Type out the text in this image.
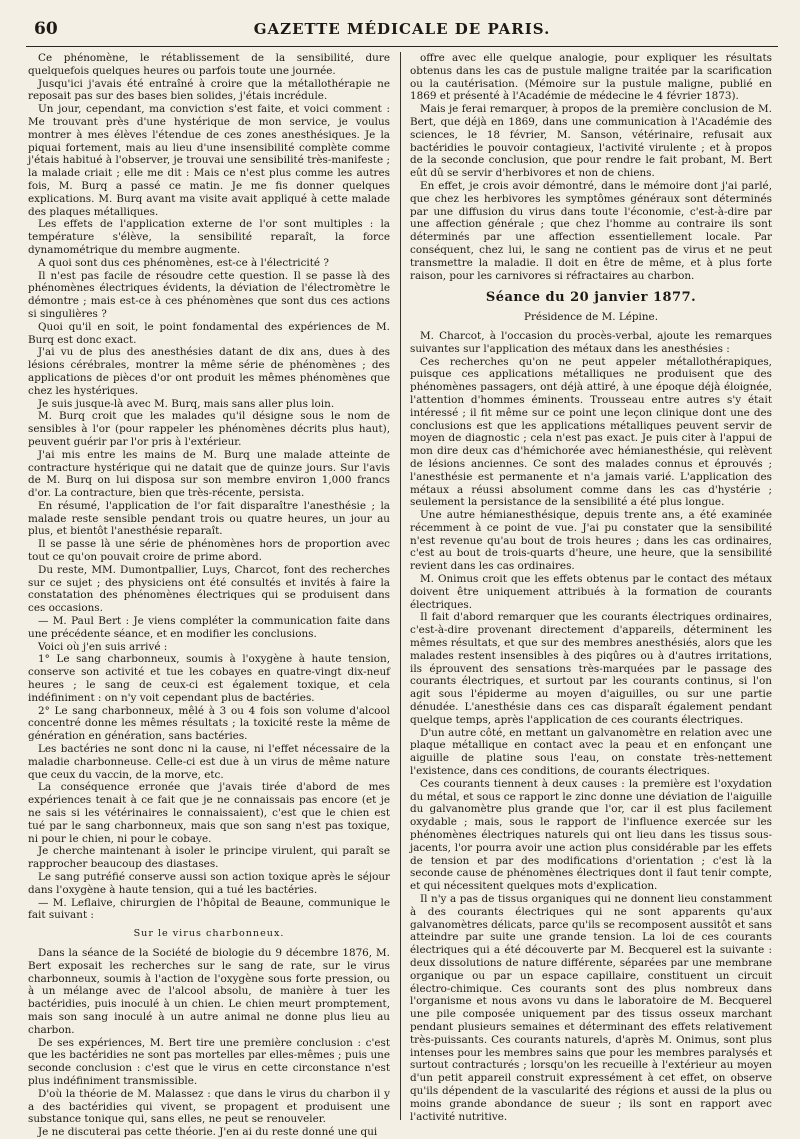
60	GAZETTE MÉDICALE DE PARIS.

Ce phénomène, le rétablissement de la sensibilité, dure quelquefois quelques heures ou parfois toute une journée.

Jusqu'ici j'avais été entraîné à croire que la métallothérapie ne reposait pas sur des bases bien solides, j'étais incrédule.

Un jour, cependant, ma conviction s'est faite, et voici comment : Me trouvant près d'une hystérique de mon service, je voulus montrer à mes élèves l'étendue de ces zones anesthésiques. Je la piquai fortement, mais au lieu d'une insensibilité complète comme j'étais habitué à l'observer, je trouvai une sensibilité très-manifeste ; la malade criait ; elle me dit : Mais ce n'est plus comme les autres fois, M. Burq a passé ce matin. Je me fis donner quelques explications. M. Burq avant ma visite avait appliqué à cette malade des plaques métalliques.

Les effets de l'application externe de l'or sont multiples : la température s'élève, la sensibilité reparaît, la force dynamométrique du membre augmente.

A quoi sont dus ces phénomènes, est-ce à l'électricité ?

Il n'est pas facile de résoudre cette question. Il se passe là des phénomènes électriques évidents, la déviation de l'électromètre le démontre ; mais est-ce à ces phénomènes que sont dus ces actions si singulières ?

Quoi qu'il en soit, le point fondamental des expériences de M. Burq est donc exact.

J'ai vu de plus des anesthésies datant de dix ans, dues à des lésions cérébrales, montrer la même série de phénomènes ; des applications de pièces d'or ont produit les mêmes phénomènes que chez les hystériques.

Je suis jusque-là avec M. Burq, mais sans aller plus loin.

M. Burq croit que les malades qu'il désigne sous le nom de sensibles à l'or (pour rappeler les phénomènes décrits plus haut), peuvent guérir par l'or pris à l'extérieur.

J'ai mis entre les mains de M. Burq une malade atteinte de contracture hystérique qui ne datait que de quinze jours. Sur l'avis de M. Burq on lui disposa sur son membre environ 1,000 francs d'or. La contracture, bien que très-récente, persista.

En résumé, l'application de l'or fait disparaître l'anesthésie ; la malade reste sensible pendant trois ou quatre heures, un jour au plus, et bientôt l'anesthésie reparaît.

Il se passe là une série de phénomènes hors de proportion avec tout ce qu'on pouvait croire de prime abord.

Du reste, MM. Dumontpallier, Luys, Charcot, font des recherches sur ce sujet ; des physiciens ont été consultés et invités à faire la constatation des phénomènes électriques qui se produisent dans ces occasions.

— M. Paul Bert : Je viens compléter la communication faite dans une précédente séance, et en modifier les conclusions.

Voici où j'en suis arrivé :

1° Le sang charbonneux, soumis à l'oxygène à haute tension, conserve son activité et tue les cobayes en quatre-vingt dix-neuf heures ; le sang de ceux-ci est également toxique, et cela indéfiniment : on n'y voit cependant plus de bactéries.

2° Le sang charbonneux, mêlé à 3 ou 4 fois son volume d'alcool concentré donne les mêmes résultats ; la toxicité reste la même de génération en génération, sans bactéries.

Les bactéries ne sont donc ni la cause, ni l'effet nécessaire de la maladie charbonneuse. Celle-ci est due à un virus de même nature que ceux du vaccin, de la morve, etc.

La conséquence erronée que j'avais tirée d'abord de mes expériences tenait à ce fait que je ne connaissais pas encore (et je ne sais si les vétérinaires le connaissaient), c'est que le chien est tué par le sang charbonneux, mais que son sang n'est pas toxique, ni pour le chien, ni pour le cobaye.

Je cherche maintenant à isoler le principe virulent, qui paraît se rapprocher beaucoup des diastases.

Le sang putréfié conserve aussi son action toxique après le séjour dans l'oxygène à haute tension, qui a tué les bactéries.

— M. Leflaive, chirurgien de l'hôpital de Beaune, communique le fait suivant :

Sur le virus charbonneux.

Dans la séance de la Société de biologie du 9 décembre 1876, M. Bert exposait les recherches sur le sang de rate, sur le virus charbonneux, soumis à l'action de l'oxygène sous forte pression, ou à un mélange avec de l'alcool absolu, de manière à tuer les bactéridies, puis inoculé à un chien. Le chien meurt promptement, mais son sang inoculé à un autre animal ne donne plus lieu au charbon.

De ses expériences, M. Bert tire une première conclusion : c'est que les bactéridies ne sont pas mortelles par elles-mêmes ; puis une seconde conclusion : c'est que le virus en cette circonstance n'est plus indéfiniment transmissible.

D'où la théorie de M. Malassez : que dans le virus du charbon il y a des bactéridies qui vivent, se propagent et produisent une substance tonique qui, sans elles, ne peut se renouveler.

Je ne discuterai pas cette théorie. J'en ai du reste donné une qui

offre avec elle quelque analogie, pour expliquer les résultats obtenus dans les cas de pustule maligne traitée par la scarification ou la cautérisation. (Mémoire sur la pustule maligne, publié en 1869 et présenté à l'Académie de médecine le 4 février 1873).

Mais je ferai remarquer, à propos de la première conclusion de M. Bert, que déjà en 1869, dans une communication à l'Académie des sciences, le 18 février, M. Sanson, vétérinaire, refusait aux bactéridies le pouvoir contagieux, l'activité virulente ; et à propos de la seconde conclusion, que pour rendre le fait probant, M. Bert eût dû se servir d'herbivores et non de chiens.

En effet, je crois avoir démontré, dans le mémoire dont j'ai parlé, que chez les herbivores les symptômes généraux sont déterminés par une diffusion du virus dans toute l'économie, c'est-à-dire par une affection générale ; que chez l'homme au contraire ils sont déterminés par une affection essentiellement locale. Par conséquent, chez lui, le sang ne contient pas de virus et ne peut transmettre la maladie. Il doit en être de même, et à plus forte raison, pour les carnivores si réfractaires au charbon.

Séance du 20 janvier 1877.

Présidence de M. Lépine.

M. Charcot, à l'occasion du procès-verbal, ajoute les remarques suivantes sur l'application des métaux dans les anesthésies :

Ces recherches qu'on ne peut appeler métallothérapiques, puisque ces applications métalliques ne produisent que des phénomènes passagers, ont déjà attiré, à une époque déjà éloignée, l'attention d'hommes éminents. Trousseau entre autres s'y était intéressé ; il fit même sur ce point une leçon clinique dont une des conclusions est que les applications métalliques peuvent servir de moyen de diagnostic ; cela n'est pas exact. Je puis citer à l'appui de mon dire deux cas d'hémichorée avec hémianesthésie, qui relèvent de lésions anciennes. Ce sont des malades connus et éprouvés ; l'anesthésie est permanente et n'a jamais varié. L'application des métaux a réussi absolument comme dans les cas d'hystérie ; seulement la persistance de la sensibilité a été plus longue.

Une autre hémianesthésique, depuis trente ans, a été examinée récemment à ce point de vue. J'ai pu constater que la sensibilité n'est revenue qu'au bout de trois heures ; dans les cas ordinaires, c'est au bout de trois-quarts d'heure, une heure, que la sensibilité revient dans les cas ordinaires.

M. Onimus croit que les effets obtenus par le contact des métaux doivent être uniquement attribués à la formation de courants électriques.

Il fait d'abord remarquer que les courants électriques ordinaires, c'est-à-dire provenant directement d'appareils, déterminent les mêmes résultats, et que sur des membres anesthésiés, alors que les malades restent insensibles à des piqûres ou à d'autres irritations, ils éprouvent des sensations très-marquées par le passage des courants électriques, et surtout par les courants continus, si l'on agit sous l'épiderme au moyen d'aiguilles, ou sur une partie dénudée. L'anesthésie dans ces cas disparaît également pendant quelque temps, après l'application de ces courants électriques.

D'un autre côté, en mettant un galvanomètre en relation avec une plaque métallique en contact avec la peau et en enfonçant une aiguille de platine sous l'eau, on constate très-nettement l'existence, dans ces conditions, de courants électriques.

Ces courants tiennent à deux causes : la première est l'oxydation du métal, et sous ce rapport le zinc donne une déviation de l'aiguille du galvanomètre plus grande que l'or, car il est plus facilement oxydable ; mais, sous le rapport de l'influence exercée sur les phénomènes électriques naturels qui ont lieu dans les tissus sous-jacents, l'or pourra avoir une action plus considérable par les effets de tension et par des modifications d'orientation ; c'est là la seconde cause de phénomènes électriques dont il faut tenir compte, et qui nécessitent quelques mots d'explication.

Il n'y a pas de tissus organiques qui ne donnent lieu constamment à des courants électriques qui ne sont apparents qu'aux galvanomètres délicats, parce qu'ils se recomposent aussitôt et sans atteindre par suite une grande tension. La loi de ces courants électriques qui a été découverte par M. Becquerel est la suivante : deux dissolutions de nature différente, séparées par une membrane organique ou par un espace capillaire, constituent un circuit électro-chimique. Ces courants sont des plus nombreux dans l'organisme et nous avons vu dans le laboratoire de M. Becquerel une pile composée uniquement par des tissus osseux marchant pendant plusieurs semaines et déterminant des effets relativement très-puissants. Ces courants naturels, d'après M. Onimus, sont plus intenses pour les membres sains que pour les membres paralysés et surtout contracturés ; lorsqu'on les recueille à l'extérieur au moyen d'un petit appareil construit expressément à cet effet, on observe qu'ils dépendent de la vascularité des régions et aussi de la plus ou moins grande abondance de sueur ; ils sont en rapport avec l'activité nutritive.
